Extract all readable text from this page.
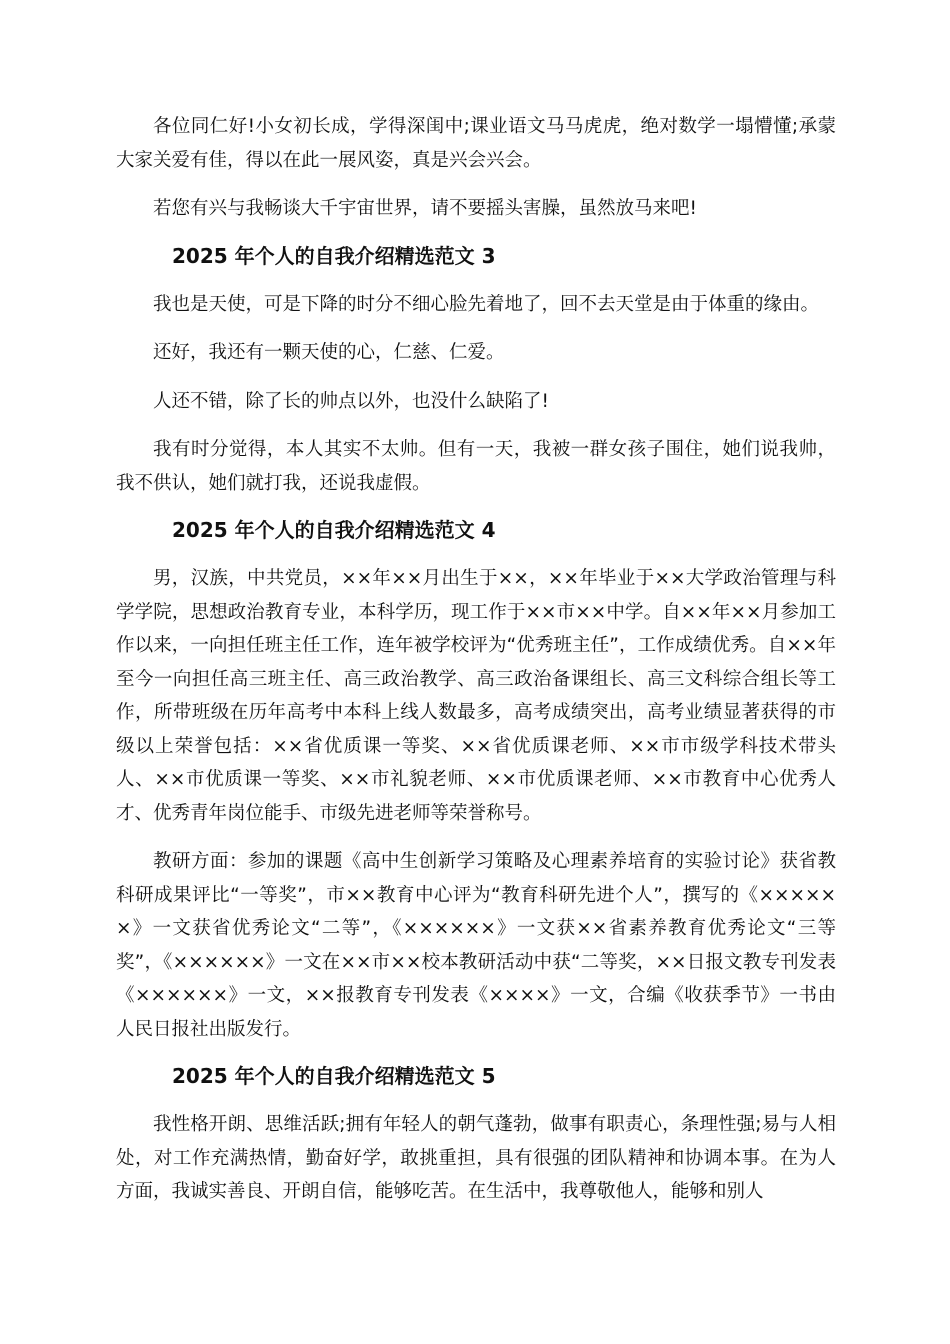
各位同仁好!小女初长成，学得深闺中;课业语文马马虎虎，绝对数学一塌懵懂;承蒙大家关爱有佳，得以在此一展风姿，真是兴会兴会。

若您有兴与我畅谈大千宇宙世界，请不要摇头害臊，虽然放马来吧!

2025 年个人的自我介绍精选范文 3

我也是天使，可是下降的时分不细心脸先着地了，回不去天堂是由于体重的缘由。

还好，我还有一颗天使的心，仁慈、仁爱。

人还不错，除了长的帅点以外，也没什么缺陷了!

我有时分觉得，本人其实不太帅。但有一天，我被一群女孩子围住，她们说我帅，我不供认，她们就打我，还说我虚假。

2025 年个人的自我介绍精选范文 4

男，汉族，中共党员，××年××月出生于××，××年毕业于××大学政治管理与科学学院，思想政治教育专业，本科学历，现工作于××市××中学。自××年××月参加工作以来，一向担任班主任工作，连年被学校评为“优秀班主任”，工作成绩优秀。自××年至今一向担任高三班主任、高三政治教学、高三政治备课组长、高三文科综合组长等工作，所带班级在历年高考中本科上线人数最多，高考成绩突出，高考业绩显著获得的市级以上荣誉包括：××省优质课一等奖、××省优质课老师、××市市级学科技术带头人、××市优质课一等奖、××市礼貌老师、××市优质课老师、××市教育中心优秀人才、优秀青年岗位能手、市级先进老师等荣誉称号。

教研方面：参加的课题《高中生创新学习策略及心理素养培育的实验讨论》获省教科研成果评比“一等奖”，市××教育中心评为“教育科研先进个人”，撰写的《××××××》一文获省优秀论文“二等”，《××××××》一文获××省素养教育优秀论文“三等奖”，《××××××》一文在××市××校本教研活动中获“二等奖，××日报文教专刊发表《××××××》一文，××报教育专刊发表《××××》一文，合编《收获季节》一书由人民日报社出版发行。

2025 年个人的自我介绍精选范文 5

我性格开朗、思维活跃;拥有年轻人的朝气蓬勃，做事有职责心，条理性强;易与人相处，对工作充满热情，勤奋好学，敢挑重担，具有很强的团队精神和协调本事。在为人方面，我诚实善良、开朗自信，能够吃苦。在生活中，我尊敬他人，能够和别人
